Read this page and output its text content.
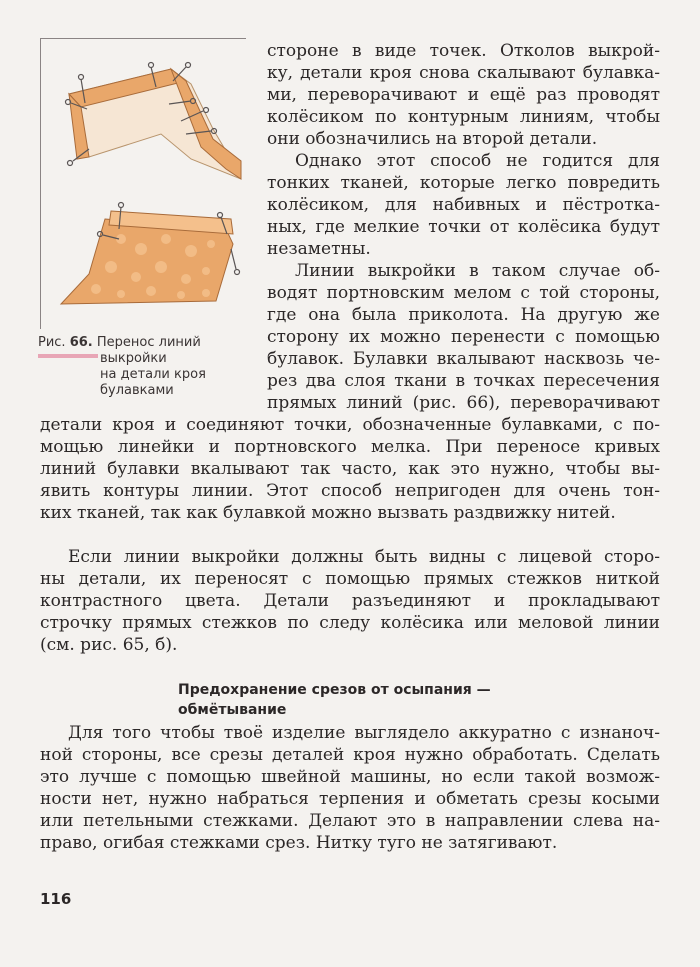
Рис. 66. Перенос линий
выкройки
на детали кроя
булавками
стороне в виде точек. Отколов выкрой-
ку, детали кроя снова скалывают булавка-
ми, переворачивают и ещё раз проводят
колёсиком по контурным линиям, чтобы
они обозначились на второй детали.
Однако этот способ не годится для
тонких тканей, которые легко повредить
колёсиком, для набивных и пёстротка-
ных, где мелкие точки от колёсика будут
незаметны.
Линии выкройки в таком случае об-
водят портновским мелом с той стороны,
где она была приколота. На другую же
сторону их можно перенести с помощью
булавок. Булавки вкалывают насквозь че-
рез два слоя ткани в точках пересечения
прямых линий (рис. 66), переворачивают
детали кроя и соединяют точки, обозначенные булавками, с по-
мощью линейки и портновского мелка. При переносе кривых
линий булавки вкалывают так часто, как это нужно, чтобы вы-
явить контуры линии. Этот способ непригоден для очень тон-
ких тканей, так как булавкой можно вызвать раздвижку нитей.
Если линии выкройки должны быть видны с лицевой сторо-
ны детали, их переносят с помощью прямых стежков ниткой
контрастного цвета. Детали разъединяют и прокладывают
строчку прямых стежков по следу колёсика или меловой линии
(см. рис. 65, б).
Предохранение срезов от осыпания —
обмётывание
Для того чтобы твоё изделие выглядело аккуратно с изнаноч-
ной стороны, все срезы деталей кроя нужно обработать. Сделать
это лучше с помощью швейной машины, но если такой возмож-
ности нет, нужно набраться терпения и обметать срезы косыми
или петельными стежками. Делают это в направлении слева на-
право, огибая стежками срез. Нитку туго не затягивают.
116
